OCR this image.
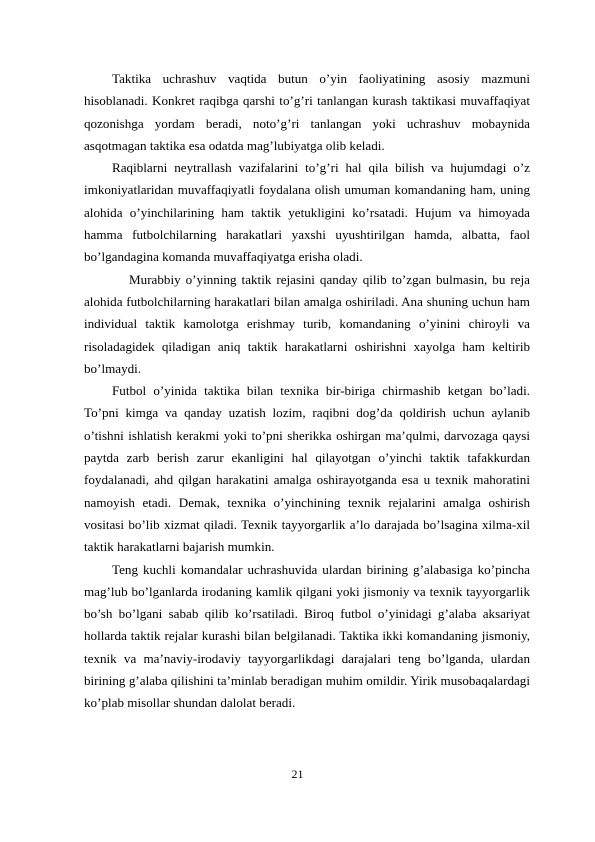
Taktika uchrashuv vaqtida butun o’yin faoliyatining asosiy mazmuni hisoblanadi. Konkret raqibga qarshi to’g’ri tanlangan kurash taktikasi muvaffaqiyat qozonishga yordam beradi, noto’g’ri tanlangan yoki uchrashuv mobaynida asqotmagan taktika esa odatda mag’lubiyatga olib keladi.

Raqiblarni neytrallash vazifalarini to’g’ri hal qila bilish va hujumdagi o’z imkoniyatlaridan muvaffaqiyatli foydalana olish umuman komandaning ham, uning alohida o’yinchilarining ham taktik yetukligini ko’rsatadi. Hujum va himoyada hamma futbolchilarning harakatlari yaxshi uyushtirilgan hamda, albatta, faol bo’lgandagina komanda muvaffaqiyatga erisha oladi.

Murabbiy o’yinning taktik rejasini qanday qilib to’zgan bulmasin, bu reja alohida futbolchilarning harakatlari bilan amalga oshiriladi. Ana shuning uchun ham individual taktik kamolotga erishmay turib, komandaning o’yinini chiroyli va risoladagidek qiladigan aniq taktik harakatlarni oshirishni xayolga ham keltirib bo’lmaydi.

Futbol o’yinida taktika bilan texnika bir-biriga chirmashib ketgan bo’ladi. To’pni kimga va qanday uzatish lozim, raqibni dog’da qoldirish uchun aylanib o’tishni ishlatish kerakmi yoki to’pni sherikka oshirgan ma’qulmi, darvozaga qaysi paytda zarb berish zarur ekanligini hal qilayotgan o’yinchi taktik tafakkurdan foydalanadi, ahd qilgan harakatini amalga oshirayotganda esa u texnik mahoratini namoyish etadi. Demak, texnika o’yinchining texnik rejalarini amalga oshirish vositasi bo’lib xizmat qiladi. Texnik tayyorgarlik a’lo darajada bo’lsagina xilma-xil taktik harakatlarni bajarish mumkin.

Teng kuchli komandalar uchrashuvida ulardan birining g’alabasiga ko’pincha mag’lub bo’lganlarda irodaning kamlik qilgani yoki jismoniy va texnik tayyorgarlik bo’sh bo’lgani sabab qilib ko’rsatiladi. Biroq futbol o’yinidagi g’alaba aksariyat hollarda taktik rejalar kurashi bilan belgilanadi. Taktika ikki komandaning jismoniy, texnik va ma’naviy-irodaviy tayyorgarlikdagi darajalari teng bo’lganda, ulardan birining g’alaba qilishini ta’minlab beradigan muhim omildir. Yirik musobaqalardagi ko’plab misollar shundan dalolat beradi.

21
